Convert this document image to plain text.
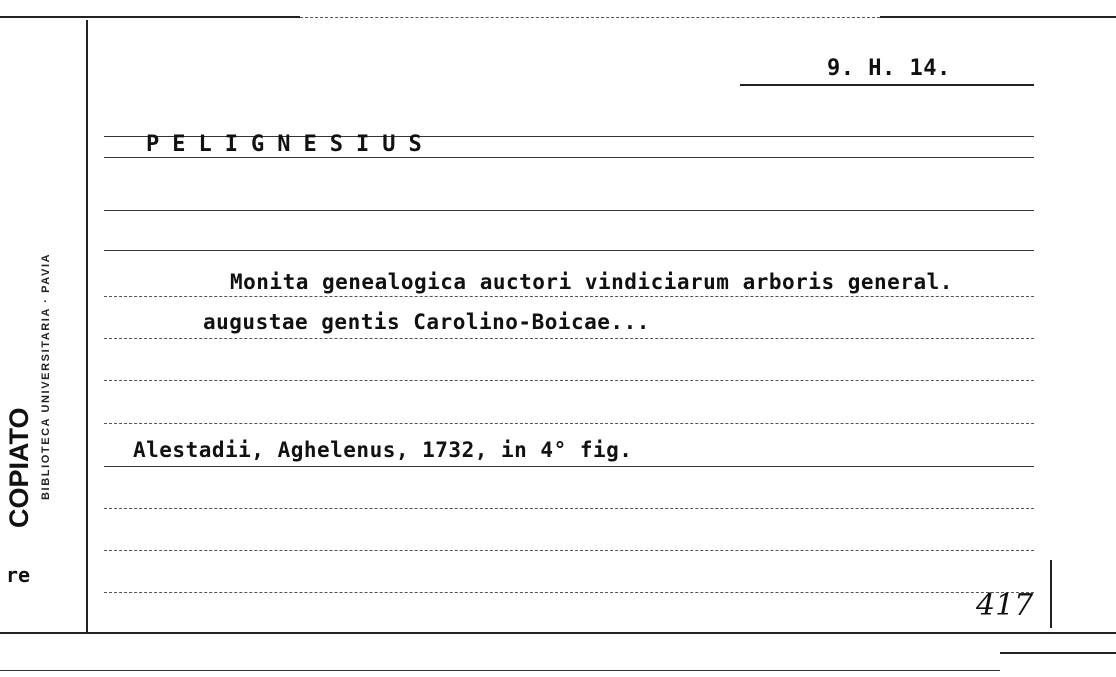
9. H. 14.
PELIGNESIUS
Monita genealogica auctori vindiciarum arboris general.
augustae gentis Carolino-Boicae...
Alestadii, Aghelenus, 1732, in 4° fig.
BIBLIOTECA UNIVERSITARIA · PAVIA
COPIATO
re
417
